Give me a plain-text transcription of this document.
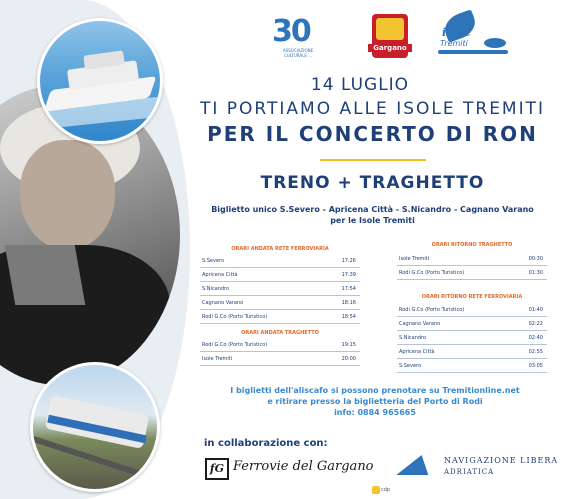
30
ASSOCIAZIONE CULTURALE ...
Gargano
isole
Tremiti
14 LUGLIO
TI PORTIAMO ALLE ISOLE TREMITI
PER IL CONCERTO DI RON
TRENO + TRAGHETTO
Biglietto unico S.Severo - Apricena Città - S.Nicandro - Cagnano Varano
per le Isole Tremiti
ORARI ANDATA RETE FERROVIARIA
S.Severo	17:26
Apricena Città	17:39
S.Nicandro	17:54
Cagnano Varano	18:16
Rodi G.Co (Porto Turistico)	18:54
ORARI ANDATA TRAGHETTO
Rodi G.Co (Porto Turistico)	19:15
Isole Tremiti	20:00
ORARI RITORNO TRAGHETTO
Isole Tremiti	00:30
Rodi G.Co (Porto Turistico)	01:30
ORARI RITORNO RETE FERROVIARIA
Rodi G.Co (Porto Turistico)	01:40
Cagnano Varano	02:22
S.Nicandro	02:40
Apricena Città	02:55
S.Severo	03:05
I biglietti dell'aliscafo si possono prenotare su Tremitionline.net
e ritirare presso la biglietteria del Porto di Rodi
info: 0884 965665
in collaborazione con:
fG Ferrovie del Gargano	NAVIGAZIONE LIBERA
ADRIATICA
cdp
